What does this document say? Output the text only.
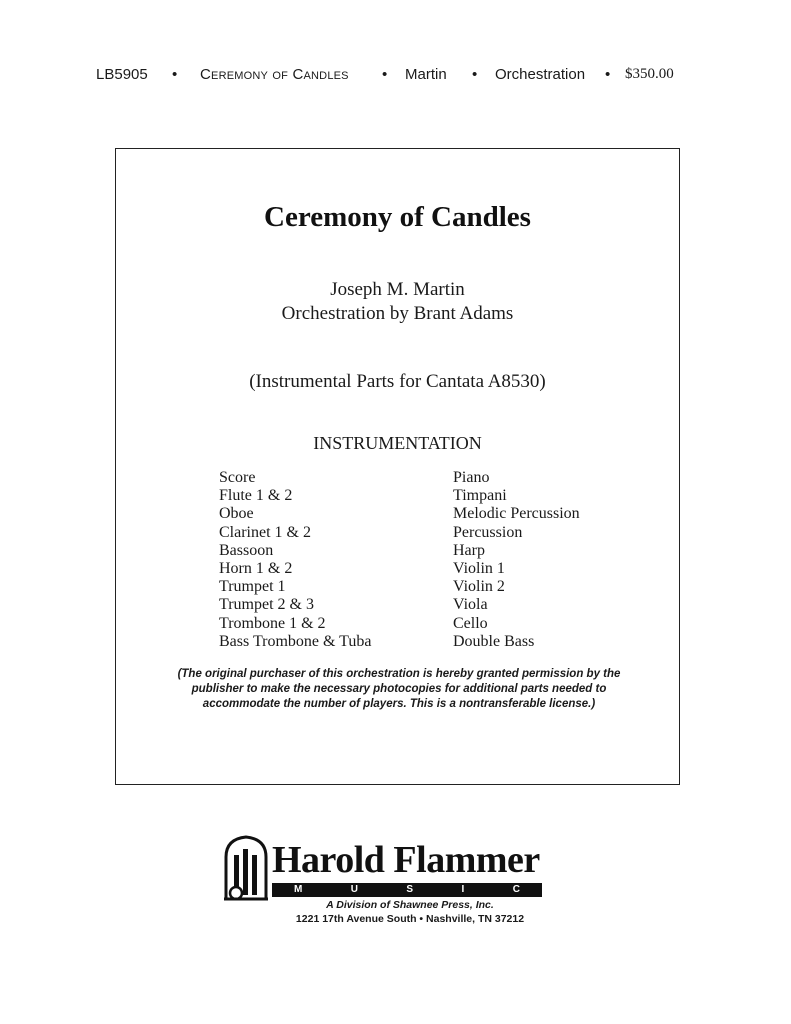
LB5905 • Ceremony of Candles • Martin • Orchestration • $350.00
Ceremony of Candles
Joseph M. Martin
Orchestration by Brant Adams
(Instrumental Parts for Cantata A8530)
INSTRUMENTATION
Score
Flute 1 & 2
Oboe
Clarinet 1 & 2
Bassoon
Horn 1 & 2
Trumpet 1
Trumpet 2 & 3
Trombone 1 & 2
Bass Trombone & Tuba
Piano
Timpani
Melodic Percussion
Percussion
Harp
Violin 1
Violin 2
Viola
Cello
Double Bass
(The original purchaser of this orchestration is hereby granted permission by the
publisher to make the necessary photocopies for additional parts needed to
accommodate the number of players. This is a nontransferable license.)
Harold Flammer
M	U	S	I	C
A Division of Shawnee Press, Inc.
1221 17th Avenue South • Nashville, TN 37212
